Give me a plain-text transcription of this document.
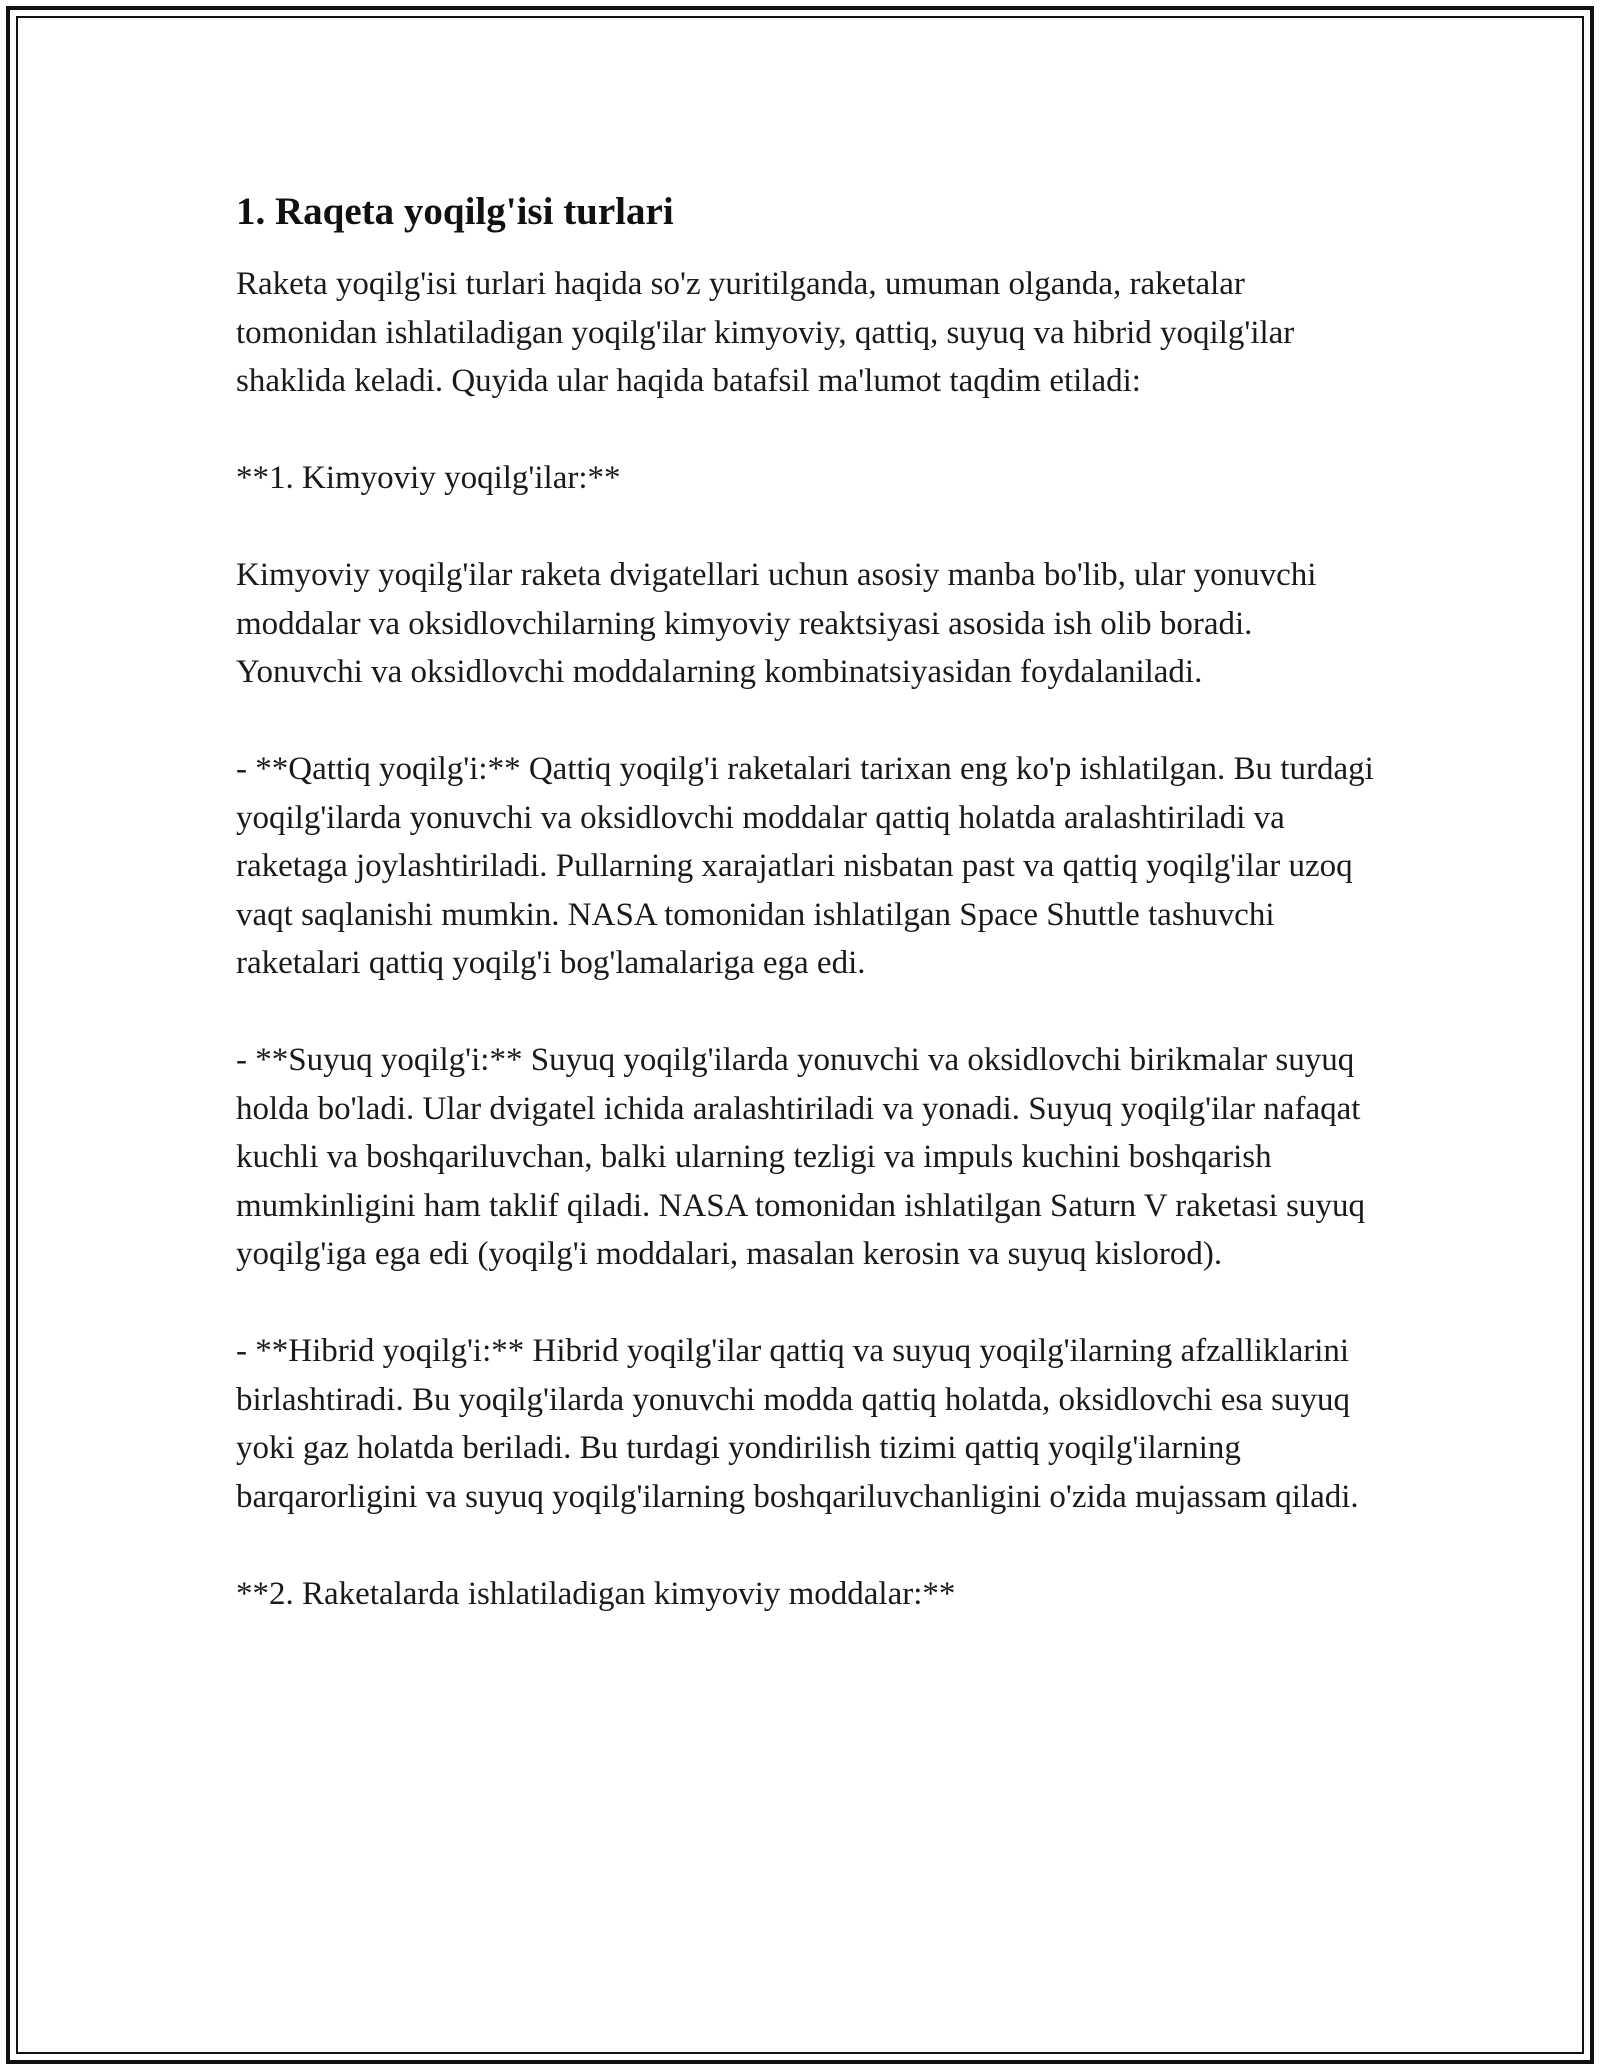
1. Raqeta yoqilg'isi turlari

Raketa yoqilg'isi turlari haqida so'z yuritilganda, umuman olganda, raketalar tomonidan ishlatiladigan yoqilg'ilar kimyoviy, qattiq, suyuq va hibrid yoqilg'ilar shaklida keladi. Quyida ular haqida batafsil ma'lumot taqdim etiladi:

**1. Kimyoviy yoqilg'ilar:**

Kimyoviy yoqilg'ilar raketa dvigatellari uchun asosiy manba bo'lib, ular yonuvchi moddalar va oksidlovchilarning kimyoviy reaktsiyasi asosida ish olib boradi. Yonuvchi va oksidlovchi moddalarning kombinatsiyasidan foydalaniladi.

- **Qattiq yoqilg'i:** Qattiq yoqilg'i raketalari tarixan eng ko'p ishlatilgan. Bu turdagi yoqilg'ilarda yonuvchi va oksidlovchi moddalar qattiq holatda aralashtiriladi va raketaga joylashtiriladi. Pullarning xarajatlari nisbatan past va qattiq yoqilg'ilar uzoq vaqt saqlanishi mumkin. NASA tomonidan ishlatilgan Space Shuttle tashuvchi raketalari qattiq yoqilg'i bog'lamalariga ega edi.

- **Suyuq yoqilg'i:** Suyuq yoqilg'ilarda yonuvchi va oksidlovchi birikmalar suyuq holda bo'ladi. Ular dvigatel ichida aralashtiriladi va yonadi. Suyuq yoqilg'ilar nafaqat kuchli va boshqariluvchan, balki ularning tezligi va impuls kuchini boshqarish mumkinligini ham taklif qiladi. NASA tomonidan ishlatilgan Saturn V raketasi suyuq yoqilg'iga ega edi (yoqilg'i moddalari, masalan kerosin va suyuq kislorod).

- **Hibrid yoqilg'i:** Hibrid yoqilg'ilar qattiq va suyuq yoqilg'ilarning afzalliklarini birlashtiradi. Bu yoqilg'ilarda yonuvchi modda qattiq holatda, oksidlovchi esa suyuq yoki gaz holatda beriladi. Bu turdagi yondirilish tizimi qattiq yoqilg'ilarning barqarorligini va suyuq yoqilg'ilarning boshqariluvchanligini o'zida mujassam qiladi.

**2. Raketalarda ishlatiladigan kimyoviy moddalar:**
